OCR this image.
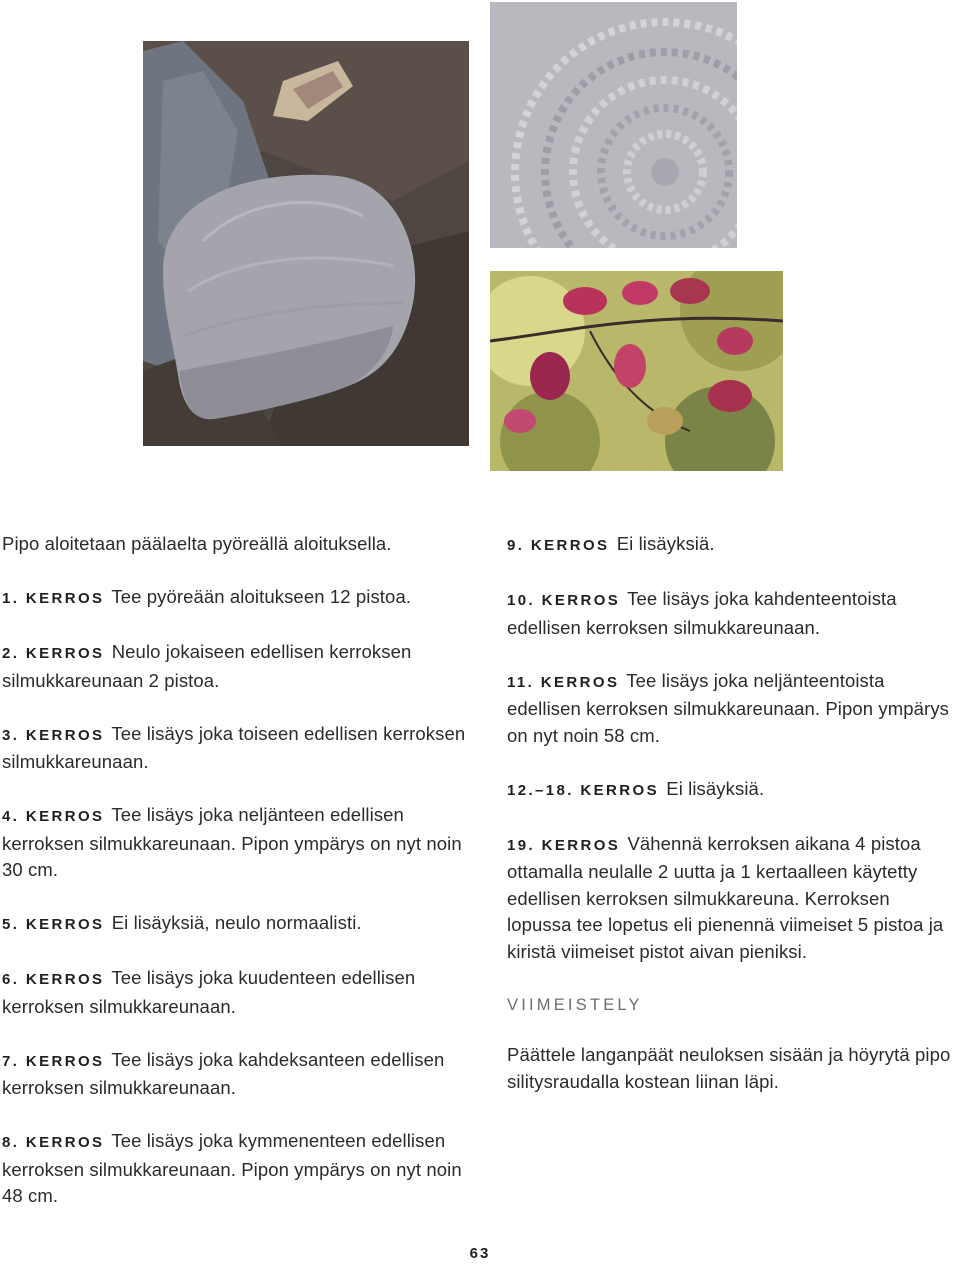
Pipo aloitetaan päälaelta pyöreällä aloituksella.

1. KERROS Tee pyöreään aloitukseen 12 pistoa.

2. KERROS Neulo jokaiseen edellisen kerroksen silmukkareunaan 2 pistoa.

3. KERROS Tee lisäys joka toiseen edellisen kerroksen silmukkareunaan.

4. KERROS Tee lisäys joka neljänteen edellisen kerroksen silmukkareunaan. Pipon ympärys on nyt noin 30 cm.

5. KERROS Ei lisäyksiä, neulo normaalisti.

6. KERROS Tee lisäys joka kuudenteen edellisen kerroksen silmukkareunaan.

7. KERROS Tee lisäys joka kahdeksanteen edellisen kerroksen silmukkareunaan.

8. KERROS Tee lisäys joka kymmenenteen edellisen kerroksen silmukkareunaan. Pipon ympärys on nyt noin 48 cm.

9. KERROS Ei lisäyksiä.

10. KERROS Tee lisäys joka kahdenteentoista edellisen kerroksen silmukkareunaan.

11. KERROS Tee lisäys joka neljänteentoista edellisen kerroksen silmukkareunaan. Pipon ympärys on nyt noin 58 cm.

12.–18. KERROS Ei lisäyksiä.

19. KERROS Vähennä kerroksen aikana 4 pistoa ottamalla neulalle 2 uutta ja 1 kertaalleen käytetty edellisen kerroksen silmukkareuna. Kerroksen lopussa tee lopetus eli pienennä viimeiset 5 pistoa ja kiristä viimeiset pistot aivan pieniksi.

VIIMEISTELY

Päättele langanpäät neuloksen sisään ja höyrytä pipo silitysraudalla kostean liinan läpi.

63
